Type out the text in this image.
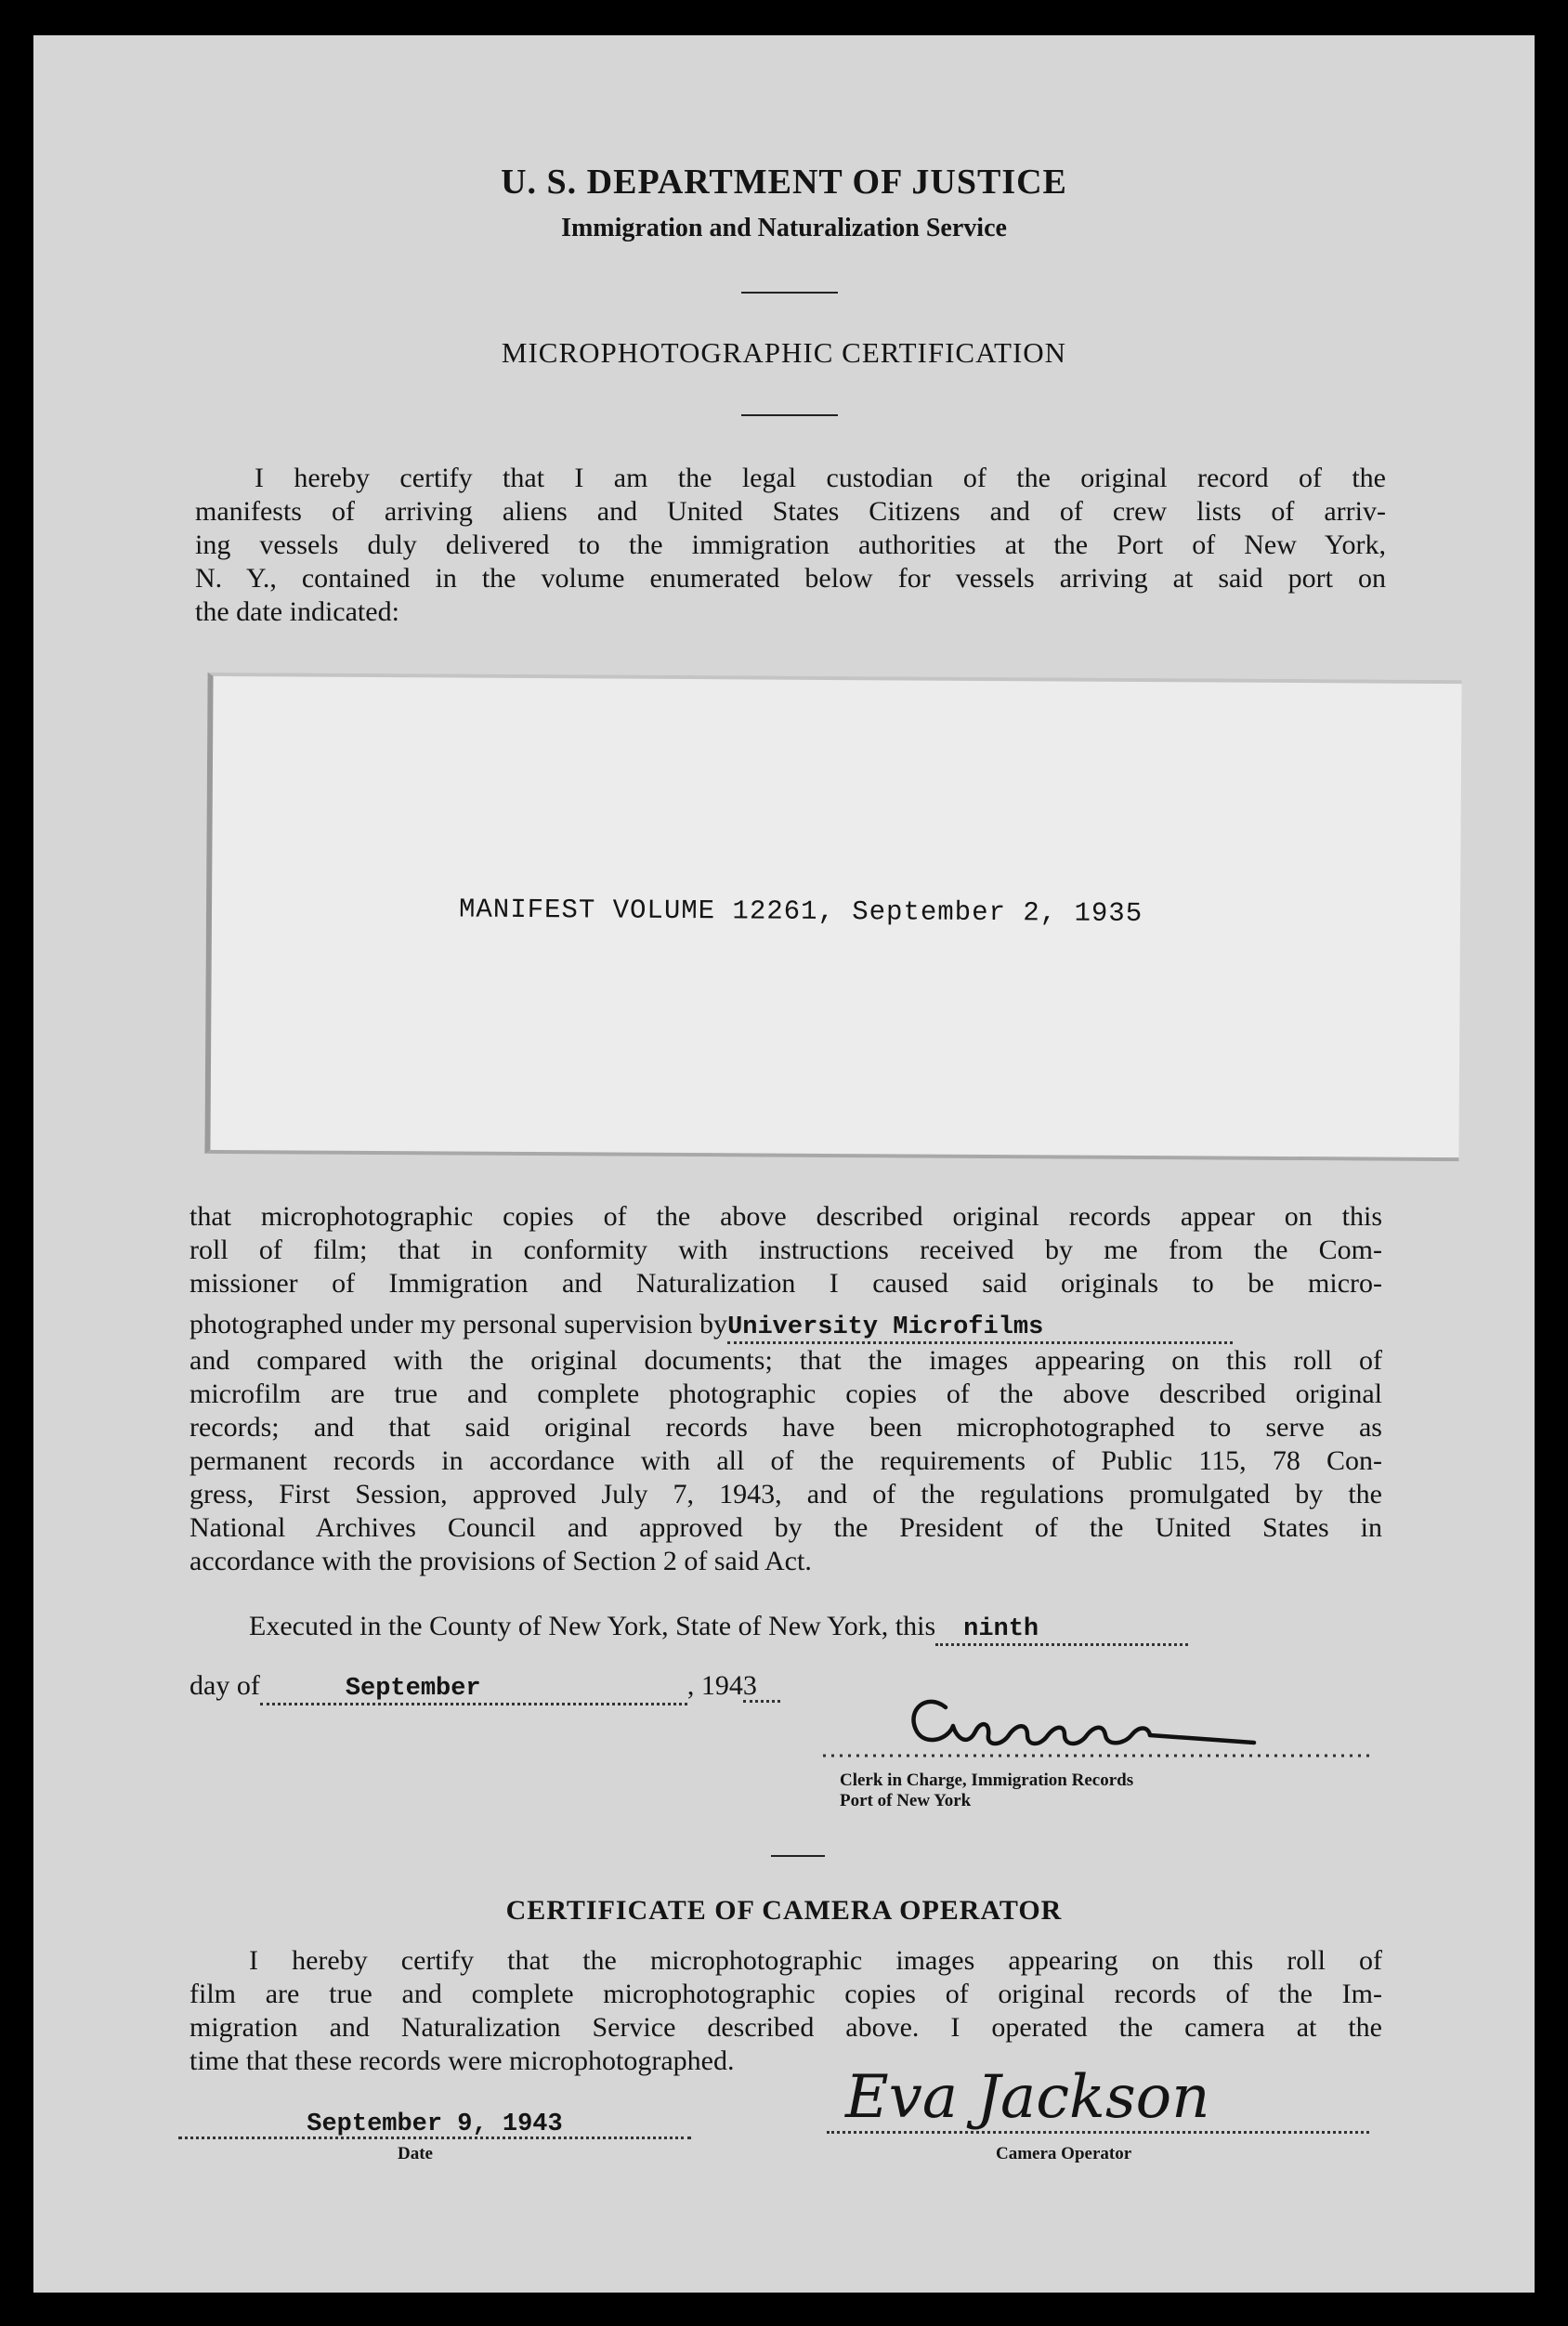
U. S. DEPARTMENT OF JUSTICE
Immigration and Naturalization Service
MICROPHOTOGRAPHIC CERTIFICATION
I hereby certify that I am the legal custodian of the original record of the
manifests of arriving aliens and United States Citizens and of crew lists of arriv-
ing vessels duly delivered to the immigration authorities at the Port of New York,
N. Y., contained in the volume enumerated below for vessels arriving at said port on
the date indicated:
MANIFEST VOLUME 12261, September 2, 1935
that microphotographic copies of the above described original records appear on this
roll of film; that in conformity with instructions received by me from the Com-
missioner of Immigration and Naturalization I caused said originals to be micro-
photographed under my personal supervision byUniversity Microfilms
and compared with the original documents; that the images appearing on this roll of
microfilm are true and complete photographic copies of the above described original
records; and that said original records have been microphotographed to serve as
permanent records in accordance with all of the requirements of Public 115, 78 Con-
gress, First Session, approved July 7, 1943, and of the regulations promulgated by the
National Archives Council and approved by the President of the United States in
accordance with the provisions of Section 2 of said Act.
Executed in the County of New York, State of New York, this ninth
day of	September	, 1943
Clerk in Charge, Immigration Records
Port of New York
CERTIFICATE OF CAMERA OPERATOR
I hereby certify that the microphotographic images appearing on this roll of
film are true and complete microphotographic copies of original records of the Im-
migration and Naturalization Service described above. I operated the camera at the
time that these records were microphotographed.
September 9, 1943
Date
Eva Jackson
Camera Operator
